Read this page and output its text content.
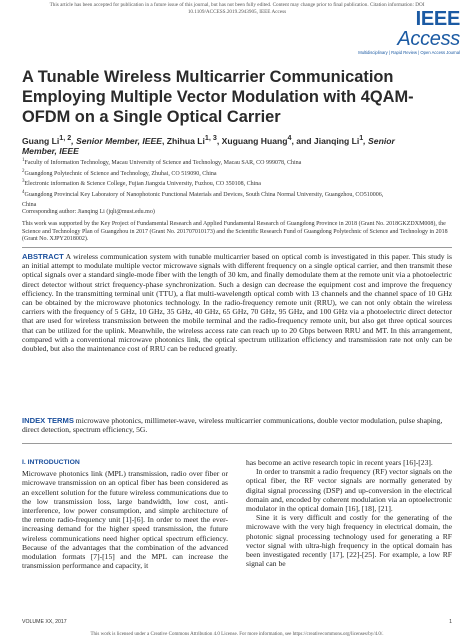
This article has been accepted for publication in a future issue of this journal, but has not been fully edited. Content may change prior to final publication. Citation information: DOI
10.1109/ACCESS.2019.2943905, IEEE Access	IEEE Access
Multidisciplinary | Rapid Review | Open Access Journal
A Tunable Wireless Multicarrier Communication Employing Multiple Vector Modulation with 4QAM-OFDM on a Single Optical Carrier
Guang Li$^{1, 2}$, Senior Member, IEEE, Zhihua Li$^{1, 3}$, Xuguang Huang$^4$, and Jianqing Li$^1$, Senior
Member, IEEE
$^1$Faculty of Information Technology, Macau University of Science and Technology, Macau SAR, CO 999078, China
$^2$Guangdong Polytechnic of Science and Technology, Zhuhai, CO 519090, China
$^3$Electronic information & Science College, Fujian Jiangxia University, Fuzhou, CO 350108, China
$^4$Guangdong Provincial Key Laboratory of Nanophotonic Functional Materials and Devices, South China Normal University, Guangzhou, CO510006,
China
Corresponding author: Jianqing Li (jqli@must.edu.mo)
This work was supported by the Key Project of Fundamental Research and Applied Fundamental Research of Guangdong Province in 2018 (Grant No. 2018GKZDXM008), the Science and Technology Plan of Guangzhou in 2017 (Grant No. 201707010173) and the Scientific Research Fund of Guangdong Polytechnic of Science and Technology in 2018 (Grant No. XJPY2018002).
ABSTRACT A wireless communication system with tunable multicarrier based on optical comb is investigated in this paper. This study is an initial attempt to modulate multiple vector microwave signals with different frequency on a single optical carrier, and then transmit these optical signals over a standard single-mode fiber with the length of 30 km, and finally demodulate them at the remote unit via a photoelectric direct detector without strict frequency-phase synchronization. Such a design can decrease the equipment cost and improve the frequency efficiency. In the transmitting terminal unit (TTU), a flat multi-wavelength optical comb with 13 channels and the channel space of 10 GHz can be obtained by the microwave photonics technology. In the radio-frequency remote unit (RRU), we can not only obtain the wireless carriers with the frequency of 5 GHz, 10 GHz, 35 GHz, 40 GHz, 65 GHz, 70 GHz, 95 GHz, and 100 GHz via a photoelectric direct detector that are used for wireless transmission between the mobile terminal and the radio-frequency remote unit, but also get three optical sources that can be utilized for the uplink. Meanwhile, the wireless access rate can reach up to 20 Gbps between RRU and MT. In this arrangement, compared with a conventional microwave photonics link, the optical spectrum utilization efficiency and transmission rate not only can be doubled, but also the maintenance cost of RRU can be reduced greatly.
INDEX TERMS microwave photonics, millimeter-wave, wireless multicarrier communications, double vector modulation, pulse shaping, direct detection, spectrum efficiency, 5G.
I. INTRODUCTION

Microwave photonics link (MPL) transmission, radio over fiber or microwave transmission on an optical fiber has been considered as an excellent solution for the future wireless communications due to the low transmission loss, large bandwidth, low cost, anti-interference, low power consumption, and simple architecture of the remote radio-frequency unit [1]-[6]. In order to meet the ever-increasing demand for the higher speed transmission, the future wireless communications need higher optical spectrum efficiency. Because of the advantages that the combination of the advanced modulation formats [7]-[15] and the MPL can increase the transmission performance and capacity, it

has become an active research topic in recent years [16]-[23].

In order to transmit a radio frequency (RF) vector signals on the optical fiber, the RF vector signals are normally generated by digital signal processing (DSP) and up-conversion in the electrical domain and, encoded by coherent modulation via an optoelectronic modulator in the optical domain [16], [18], [21].

Sine it is very difficult and costly for the generating of the microwave with the very high frequency in electrical domain, the photonic signal processing technology used for generating a RF vector signal with ultra-high frequency in the optical domain has been investigated recently [17], [22]-[25]. For example, a low RF signal can be

VOLUME XX, 2017	1
This work is licensed under a Creative Commons Attribution 4.0 License. For more information, see https://creativecommons.org/licenses/by/4.0/.
